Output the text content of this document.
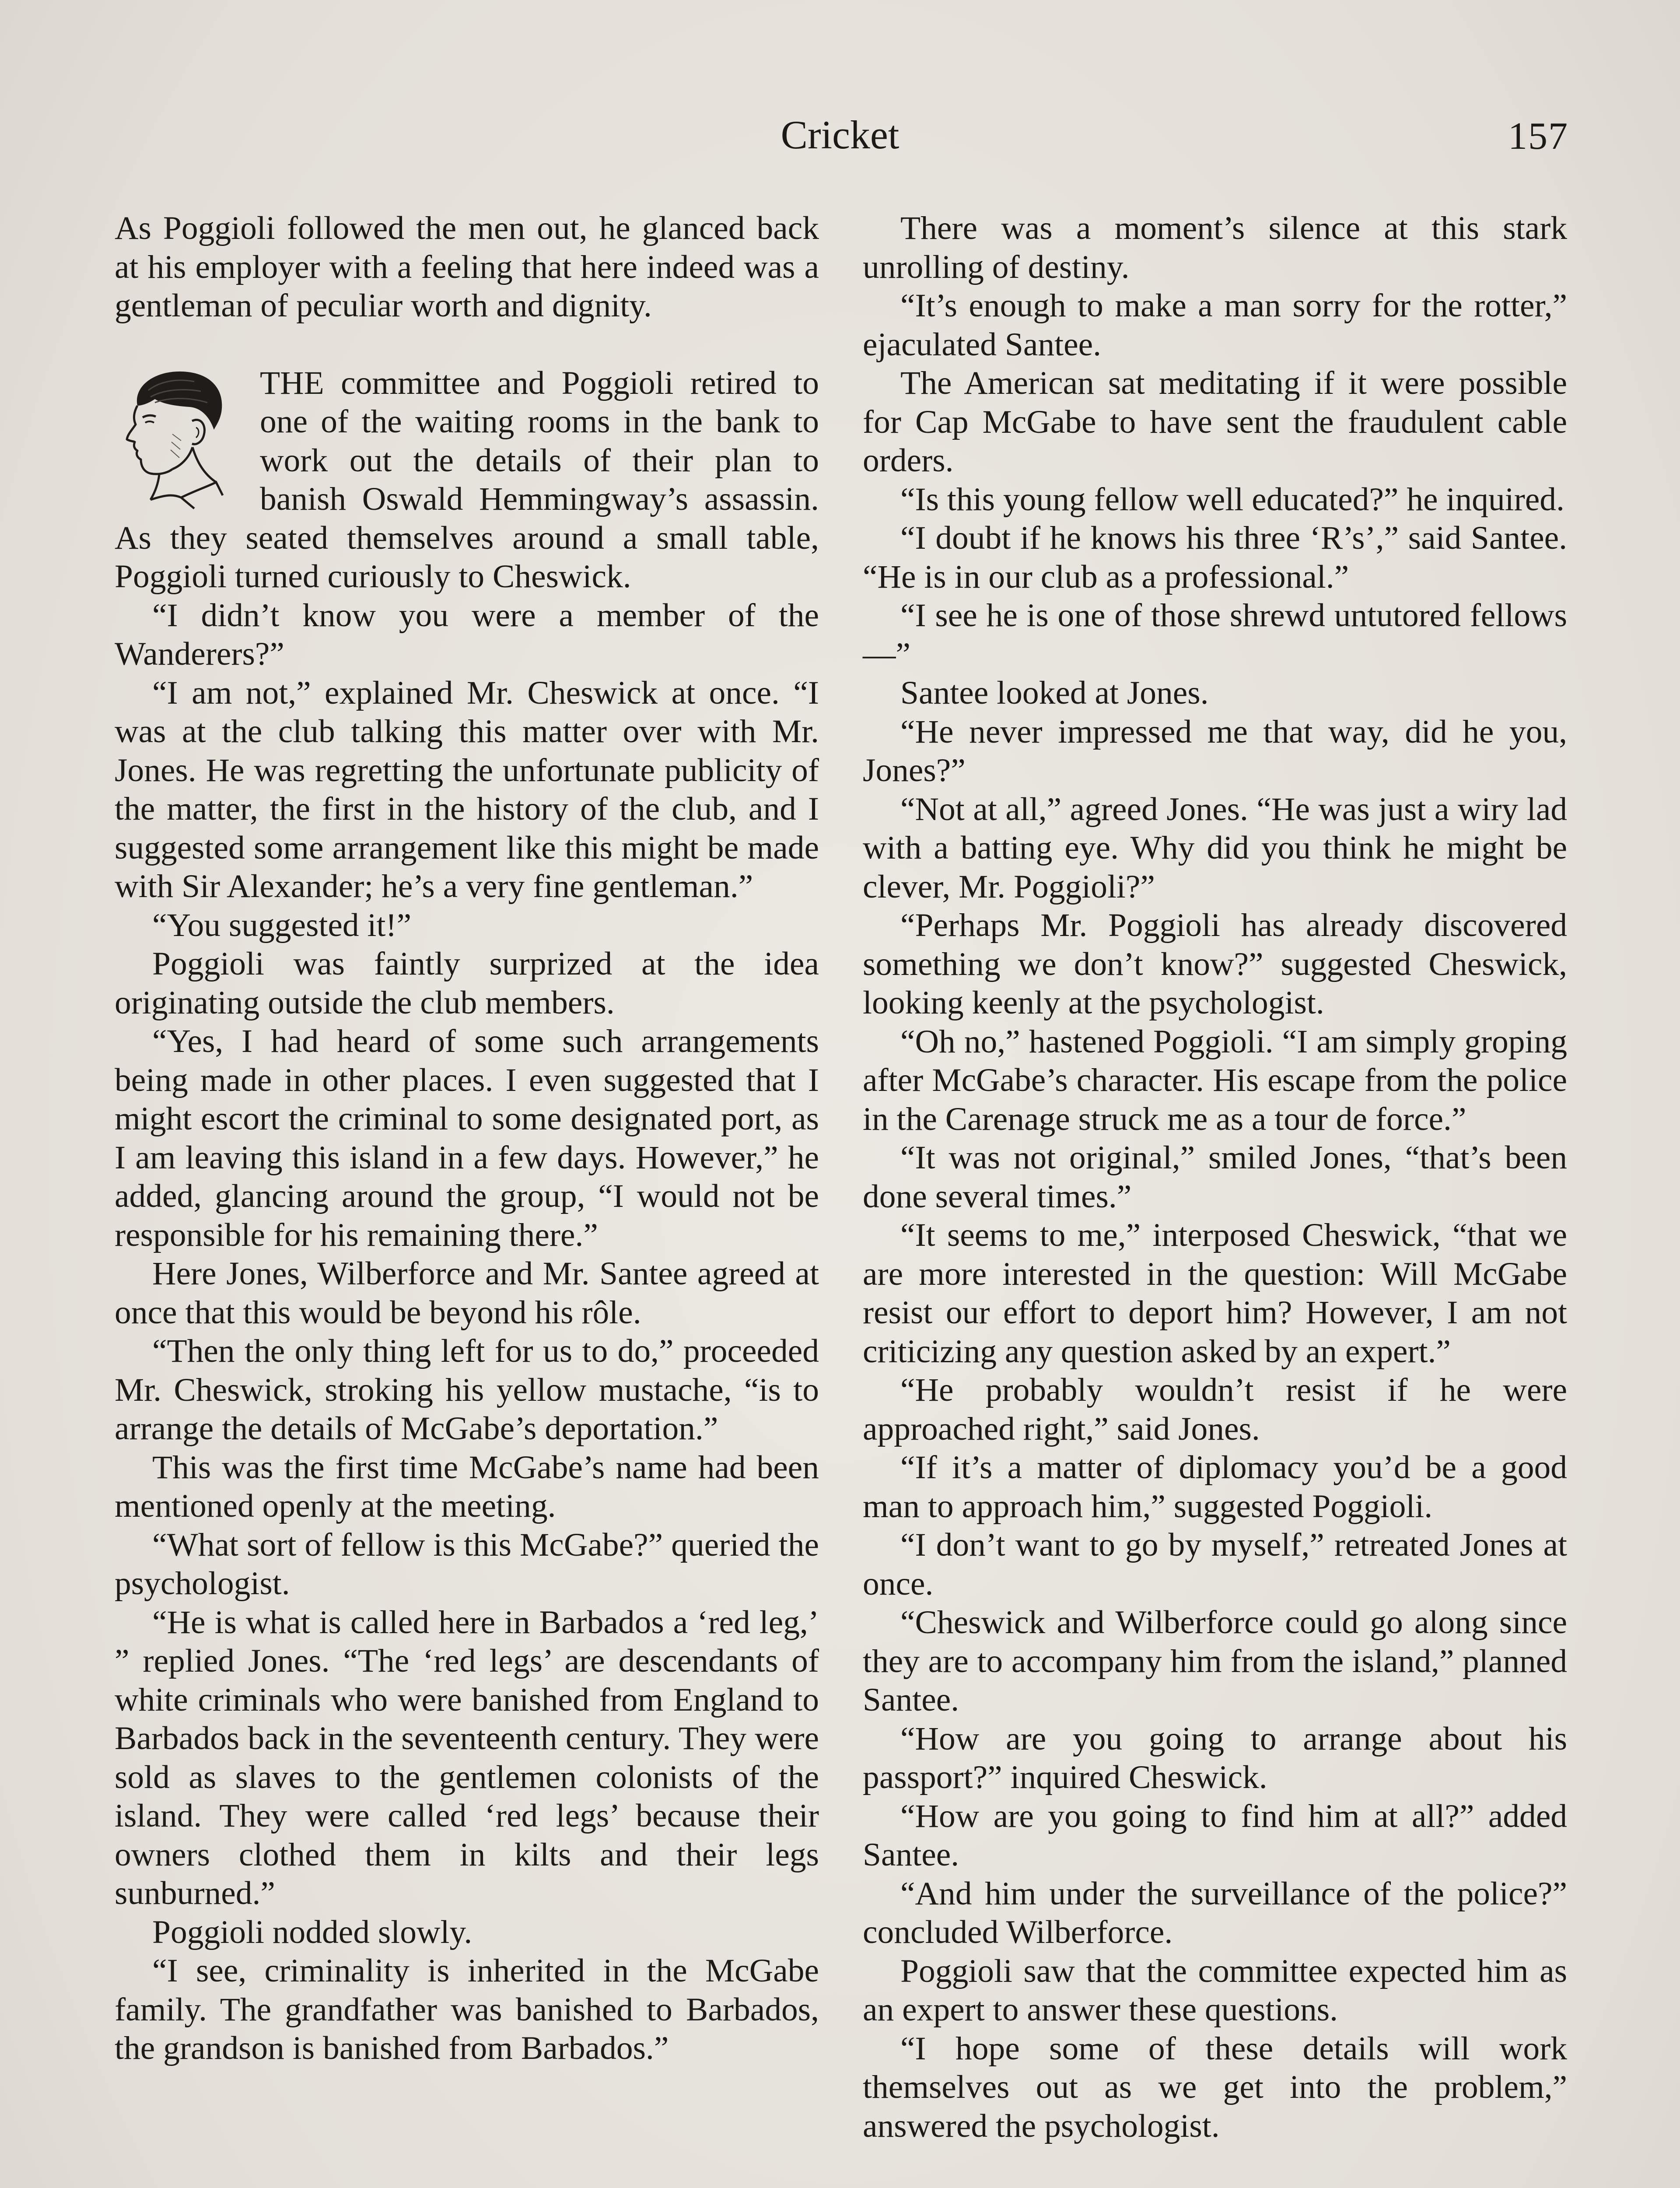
Cricket	157

As Poggioli followed the men out, he glanced back at his employer with a feeling that here indeed was a gentleman of peculiar worth and dignity.

THE committee and Poggioli retired to one of the waiting rooms in the bank to work out the details of their plan to banish Oswald Hemmingway’s assassin. As they seated themselves around a small table, Poggioli turned curiously to Cheswick.

“I didn’t know you were a member of the Wanderers?”

“I am not,” explained Mr. Cheswick at once. “I was at the club talking this matter over with Mr. Jones. He was regretting the unfortunate publicity of the matter, the first in the history of the club, and I suggested some arrangement like this might be made with Sir Alexander; he’s a very fine gentleman.”

“You suggested it!”

Poggioli was faintly surprized at the idea originating outside the club members.

“Yes, I had heard of some such arrangements being made in other places. I even suggested that I might escort the criminal to some designated port, as I am leaving this island in a few days. However,” he added, glancing around the group, “I would not be responsible for his remaining there.”

Here Jones, Wilberforce and Mr. Santee agreed at once that this would be beyond his rôle.

“Then the only thing left for us to do,” proceeded Mr. Cheswick, stroking his yellow mustache, “is to arrange the details of McGabe’s deportation.”

This was the first time McGabe’s name had been mentioned openly at the meeting.

“What sort of fellow is this McGabe?” queried the psychologist.

“He is what is called here in Barbados a ‘red leg,’ ” replied Jones. “The ‘red legs’ are descendants of white criminals who were banished from England to Barbados back in the seventeenth century. They were sold as slaves to the gentlemen colonists of the island. They were called ‘red legs’ because their owners clothed them in kilts and their legs sunburned.”

Poggioli nodded slowly.

“I see, criminality is inherited in the McGabe family. The grandfather was banished to Barbados, the grandson is banished from Barbados.”

There was a moment’s silence at this stark unrolling of destiny.

“It’s enough to make a man sorry for the rotter,” ejaculated Santee.

The American sat meditating if it were possible for Cap McGabe to have sent the fraudulent cable orders.

“Is this young fellow well educated?” he inquired.

“I doubt if he knows his three ‘R’s’,” said Santee. “He is in our club as a professional.”

“I see he is one of those shrewd untutored fellows—”

Santee looked at Jones.

“He never impressed me that way, did he you, Jones?”

“Not at all,” agreed Jones. “He was just a wiry lad with a batting eye. Why did you think he might be clever, Mr. Poggioli?”

“Perhaps Mr. Poggioli has already discovered something we don’t know?” suggested Cheswick, looking keenly at the psychologist.

“Oh no,” hastened Poggioli. “I am simply groping after McGabe’s character. His escape from the police in the Carenage struck me as a tour de force.”

“It was not original,” smiled Jones, “that’s been done several times.”

“It seems to me,” interposed Cheswick, “that we are more interested in the question: Will McGabe resist our effort to deport him? However, I am not criticizing any question asked by an expert.”

“He probably wouldn’t resist if he were approached right,” said Jones.

“If it’s a matter of diplomacy you’d be a good man to approach him,” suggested Poggioli.

“I don’t want to go by myself,” retreated Jones at once.

“Cheswick and Wilberforce could go along since they are to accompany him from the island,” planned Santee.

“How are you going to arrange about his passport?” inquired Cheswick.

“How are you going to find him at all?” added Santee.

“And him under the surveillance of the police?” concluded Wilberforce.

Poggioli saw that the committee expected him as an expert to answer these questions.

“I hope some of these details will work themselves out as we get into the problem,” answered the psychologist.
